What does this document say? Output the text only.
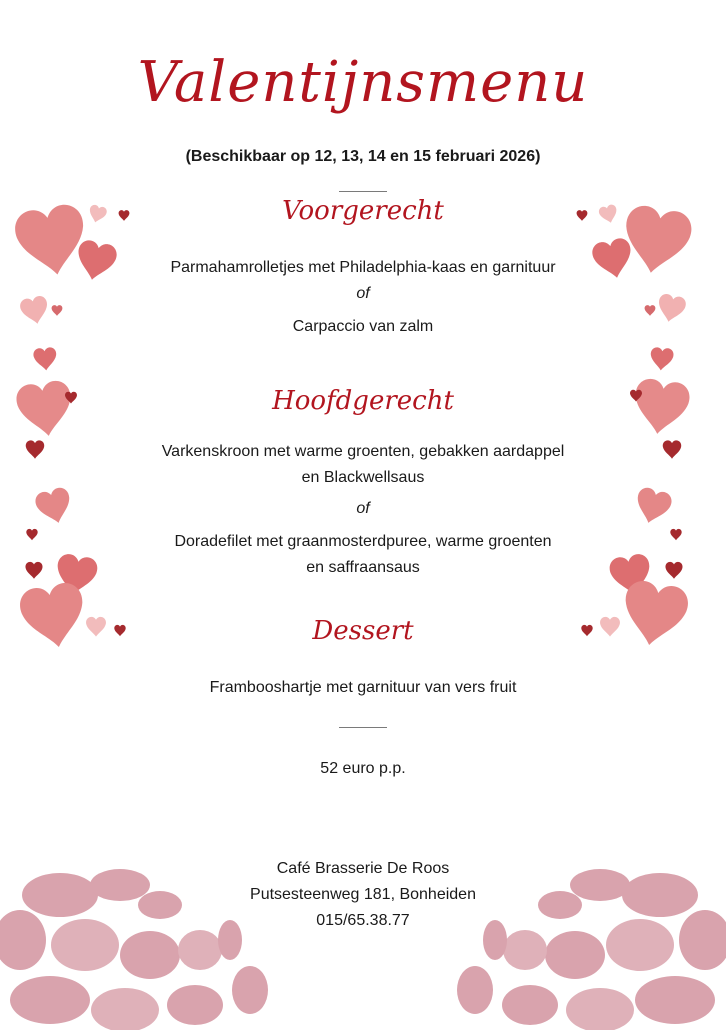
Valentijnsmenu
(Beschikbaar op 12, 13, 14 en 15 februari 2026)
Voorgerecht
Parmahamrolletjes met Philadelphia-kaas en garnituur
of
Carpaccio van zalm
Hoofdgerecht
Varkenskroon met warme groenten, gebakken aardappel
en Blackwellsaus
of
Doradefilet met graanmosterdpuree, warme groenten
en saffraansaus
Dessert
Frambooshartje met garnituur van vers fruit
52 euro p.p.
Café Brasserie De Roos
Putsesteenweg 181, Bonheiden
015/65.38.77
